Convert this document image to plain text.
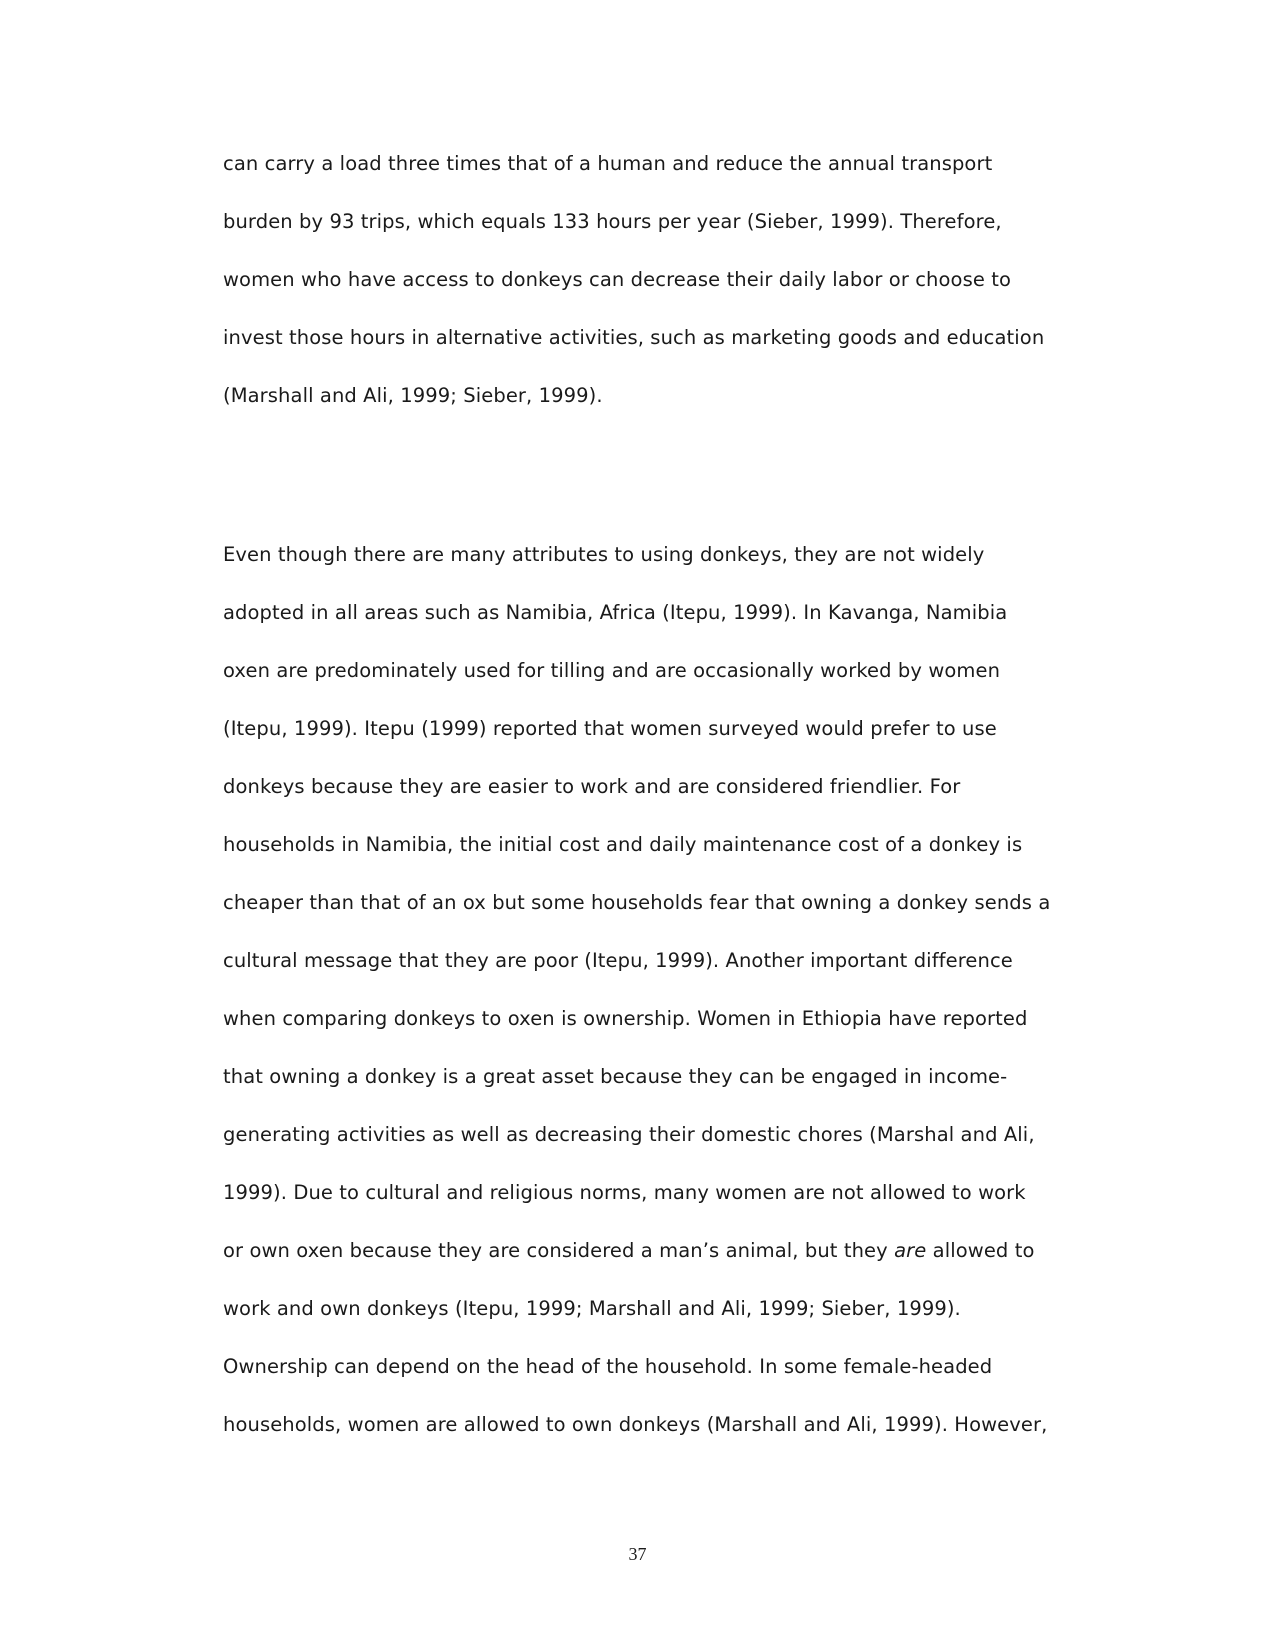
can carry a load three times that of a human and reduce the annual transport

burden by 93 trips, which equals 133 hours per year (Sieber, 1999). Therefore,

women who have access to donkeys can decrease their daily labor or choose to

invest those hours in alternative activities, such as marketing goods and education

(Marshall and Ali, 1999; Sieber, 1999).

Even though there are many attributes to using donkeys, they are not widely

adopted in all areas such as Namibia, Africa (Itepu, 1999). In Kavanga, Namibia

oxen are predominately used for tilling and are occasionally worked by women

(Itepu, 1999). Itepu (1999) reported that women surveyed would prefer to use

donkeys because they are easier to work and are considered friendlier. For

households in Namibia, the initial cost and daily maintenance cost of a donkey is

cheaper than that of an ox but some households fear that owning a donkey sends a

cultural message that they are poor (Itepu, 1999). Another important difference

when comparing donkeys to oxen is ownership. Women in Ethiopia have reported

that owning a donkey is a great asset because they can be engaged in income-

generating activities as well as decreasing their domestic chores (Marshal and Ali,

1999). Due to cultural and religious norms, many women are not allowed to work

or own oxen because they are considered a man’s animal, but they are allowed to

work and own donkeys (Itepu, 1999; Marshall and Ali, 1999; Sieber, 1999).

Ownership can depend on the head of the household. In some female-headed

households, women are allowed to own donkeys (Marshall and Ali, 1999). However,

37
